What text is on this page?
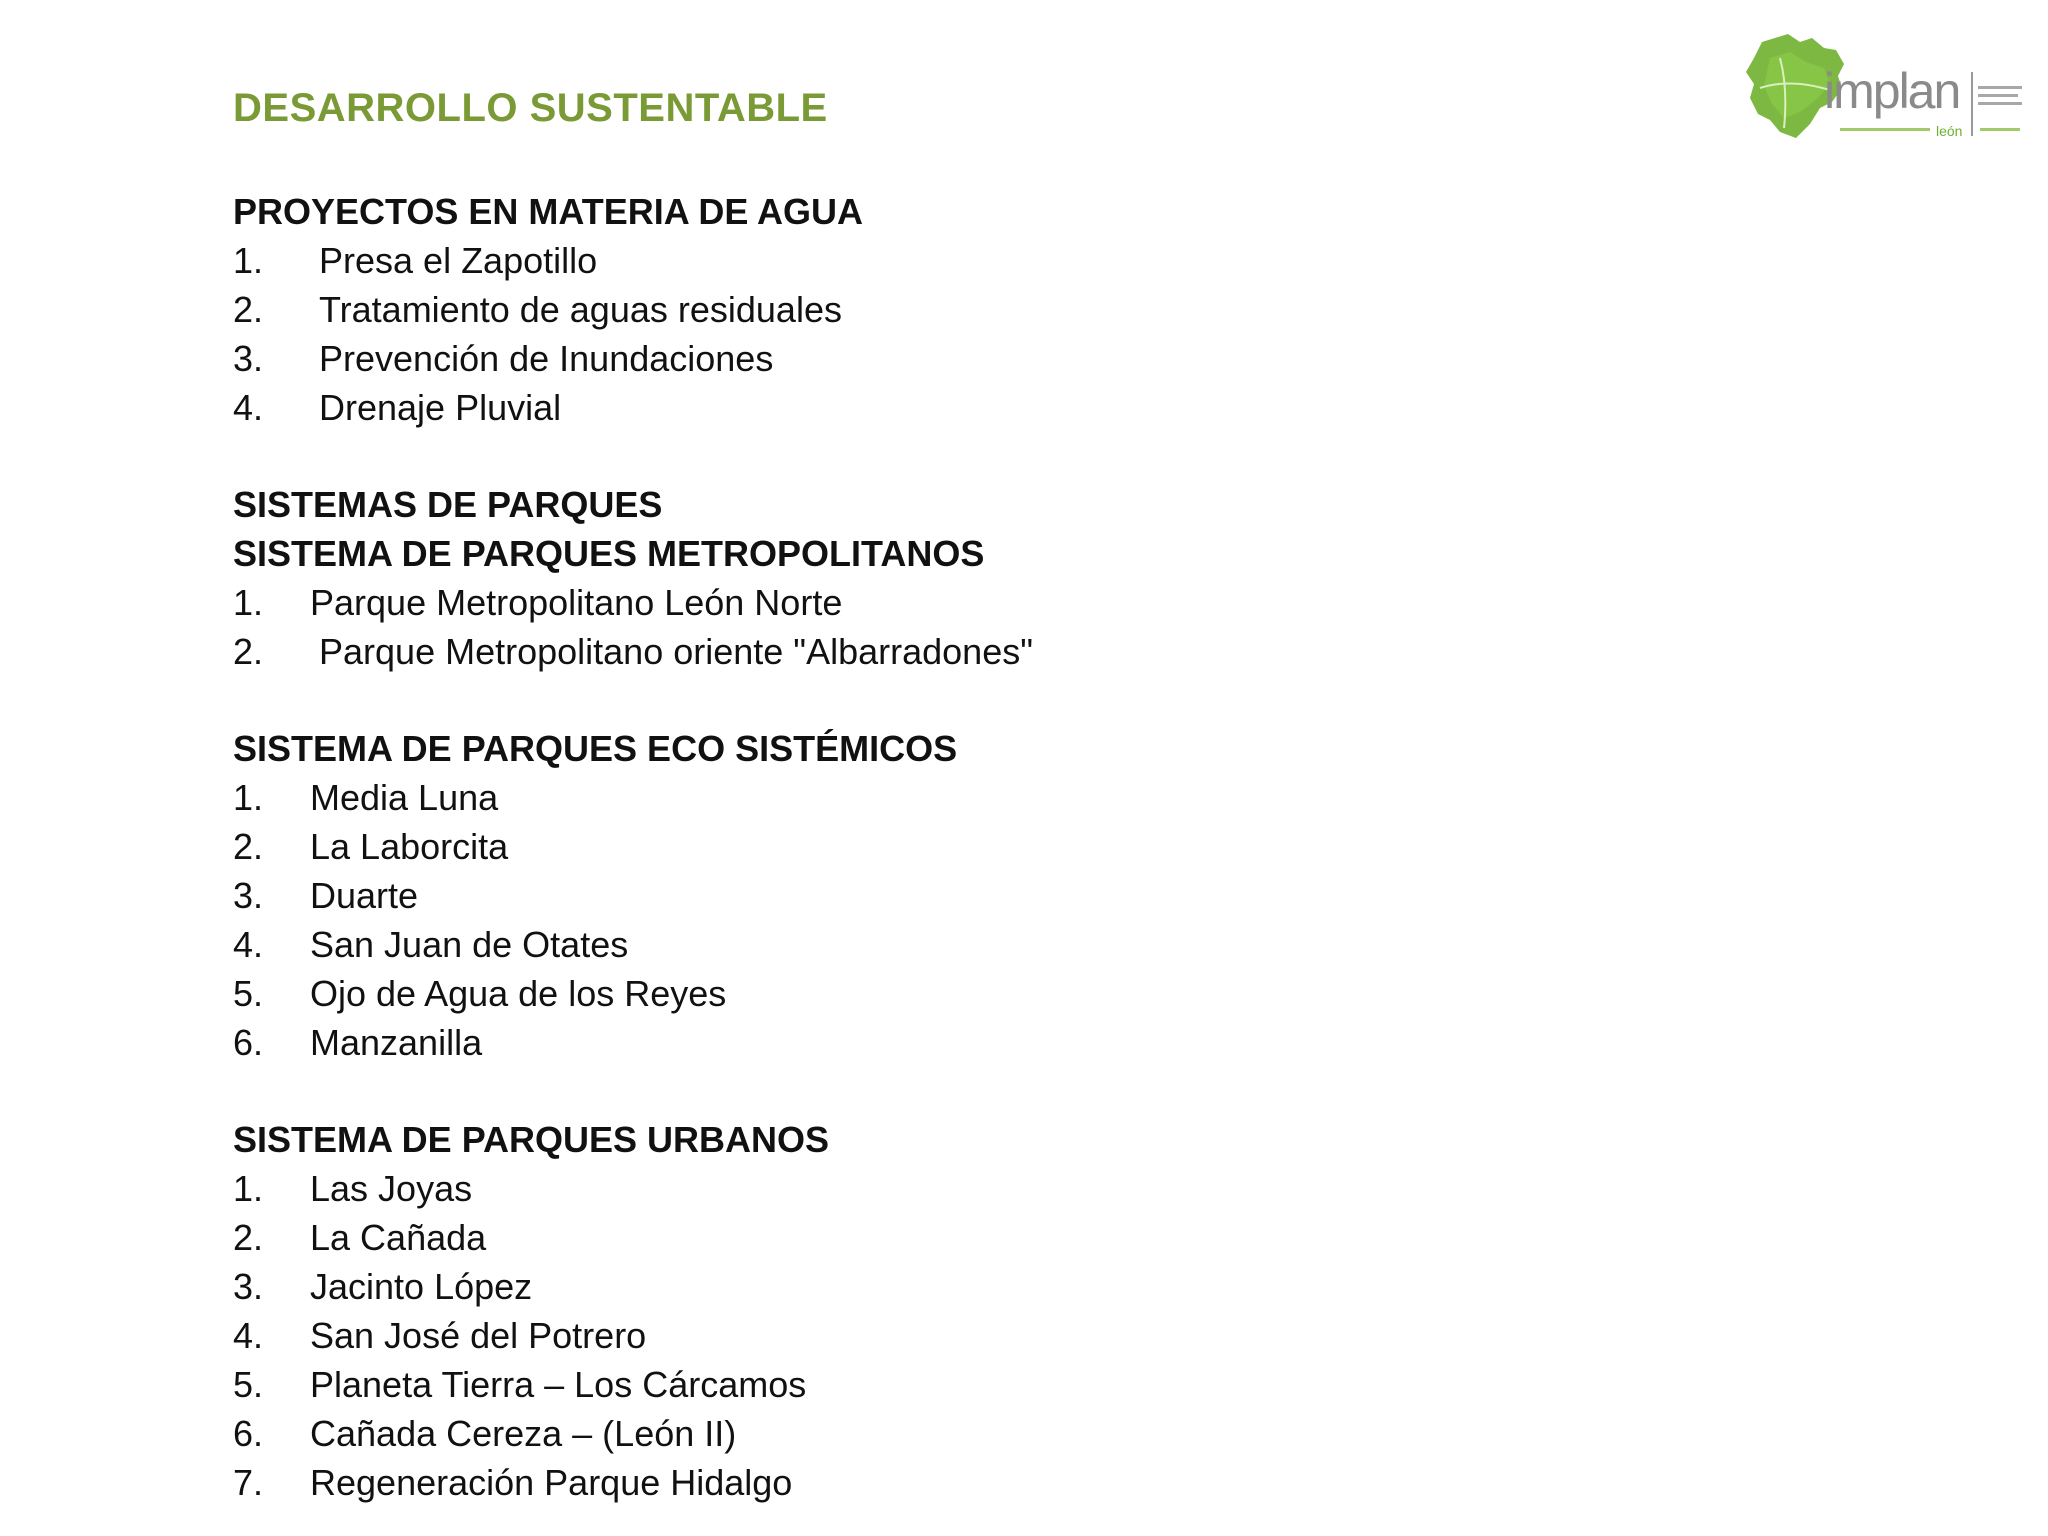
DESARROLLO SUSTENTABLE	implan
león
PROYECTOS EN MATERIA DE AGUA
1. Presa el Zapotillo
2. Tratamiento de aguas residuales
3. Prevención de Inundaciones
4. Drenaje Pluvial
SISTEMAS DE PARQUES
SISTEMA DE PARQUES METROPOLITANOS
1. Parque Metropolitano León Norte
2. Parque Metropolitano oriente "Albarradones"
SISTEMA DE PARQUES ECO SISTÉMICOS
1. Media Luna
2. La Laborcita
3. Duarte
4. San Juan de Otates
5. Ojo de Agua de los Reyes
6. Manzanilla
SISTEMA DE PARQUES URBANOS
1. Las Joyas
2. La Cañada
3. Jacinto López
4. San José del Potrero
5. Planeta Tierra – Los Cárcamos
6. Cañada Cereza – (León II)
7. Regeneración Parque Hidalgo
